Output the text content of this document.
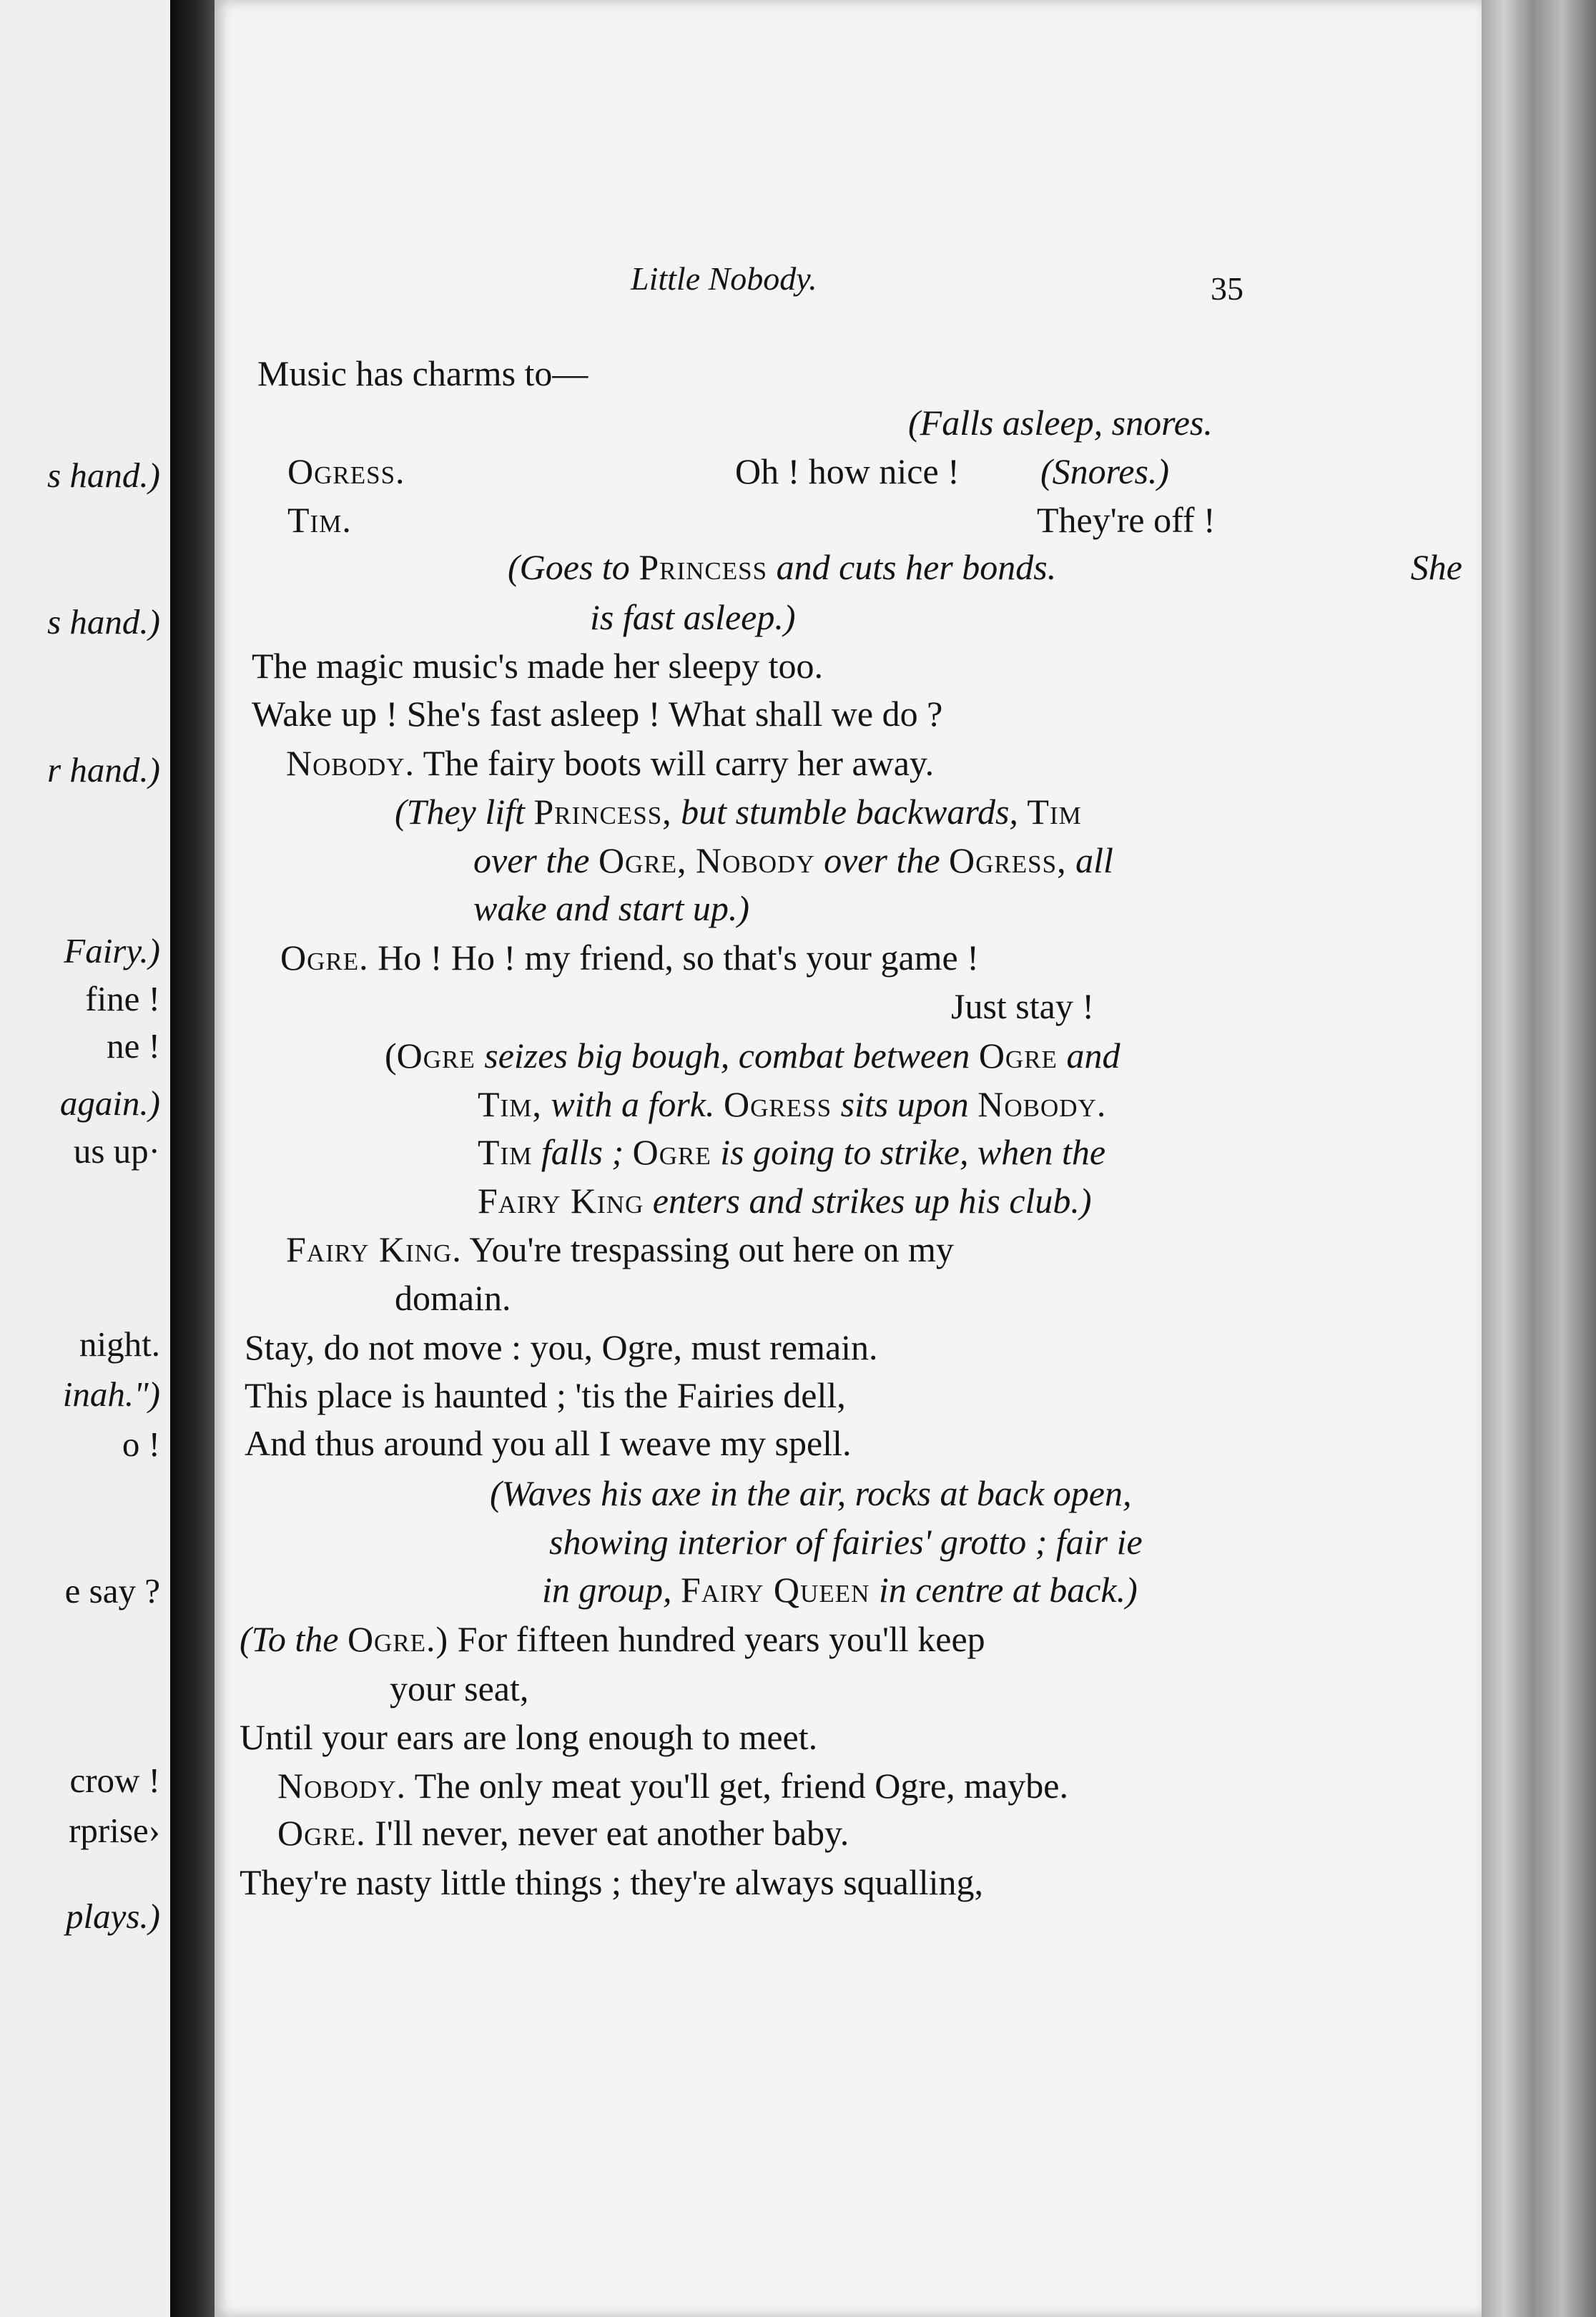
s hand.)
s hand.)
r hand.)
Fairy.)
fine !
ne !
again.)
us up·
night.
inah.")
o !
e say ?
crow !
rprise›
plays.)
Little Nobody.	35
Music has charms to—
(Falls asleep, snores.
Ogress.	Oh ! how nice ! (Snores.)
Tim.	They're off !
(Goes to Princess and cuts her bonds.	She
is fast asleep.)
The magic music's made her sleepy too.
Wake up ! She's fast asleep ! What shall we do ?
Nobody. The fairy boots will carry her away.
(They lift Princess, but stumble backwards, Tim
over the Ogre, Nobody over the Ogress, all
wake and start up.)
Ogre. Ho ! Ho ! my friend, so that's your game !
Just stay !
(Ogre seizes big bough, combat between Ogre and
Tim, with a fork. Ogress sits upon Nobody.
Tim falls ; Ogre is going to strike, when the
Fairy King enters and strikes up his club.)
Fairy King. You're trespassing out here on my
domain.
Stay, do not move : you, Ogre, must remain.
This place is haunted ; 'tis the Fairies dell,
And thus around you all I weave my spell.
(Waves his axe in the air, rocks at back open,
showing interior of fairies' grotto ; fair ie
in group, Fairy Queen in centre at back.)
(To the Ogre.) For fifteen hundred years you'll keep
your seat,
Until your ears are long enough to meet.
Nobody. The only meat you'll get, friend Ogre, maybe.
Ogre. I'll never, never eat another baby.
They're nasty little things ; they're always squalling,
